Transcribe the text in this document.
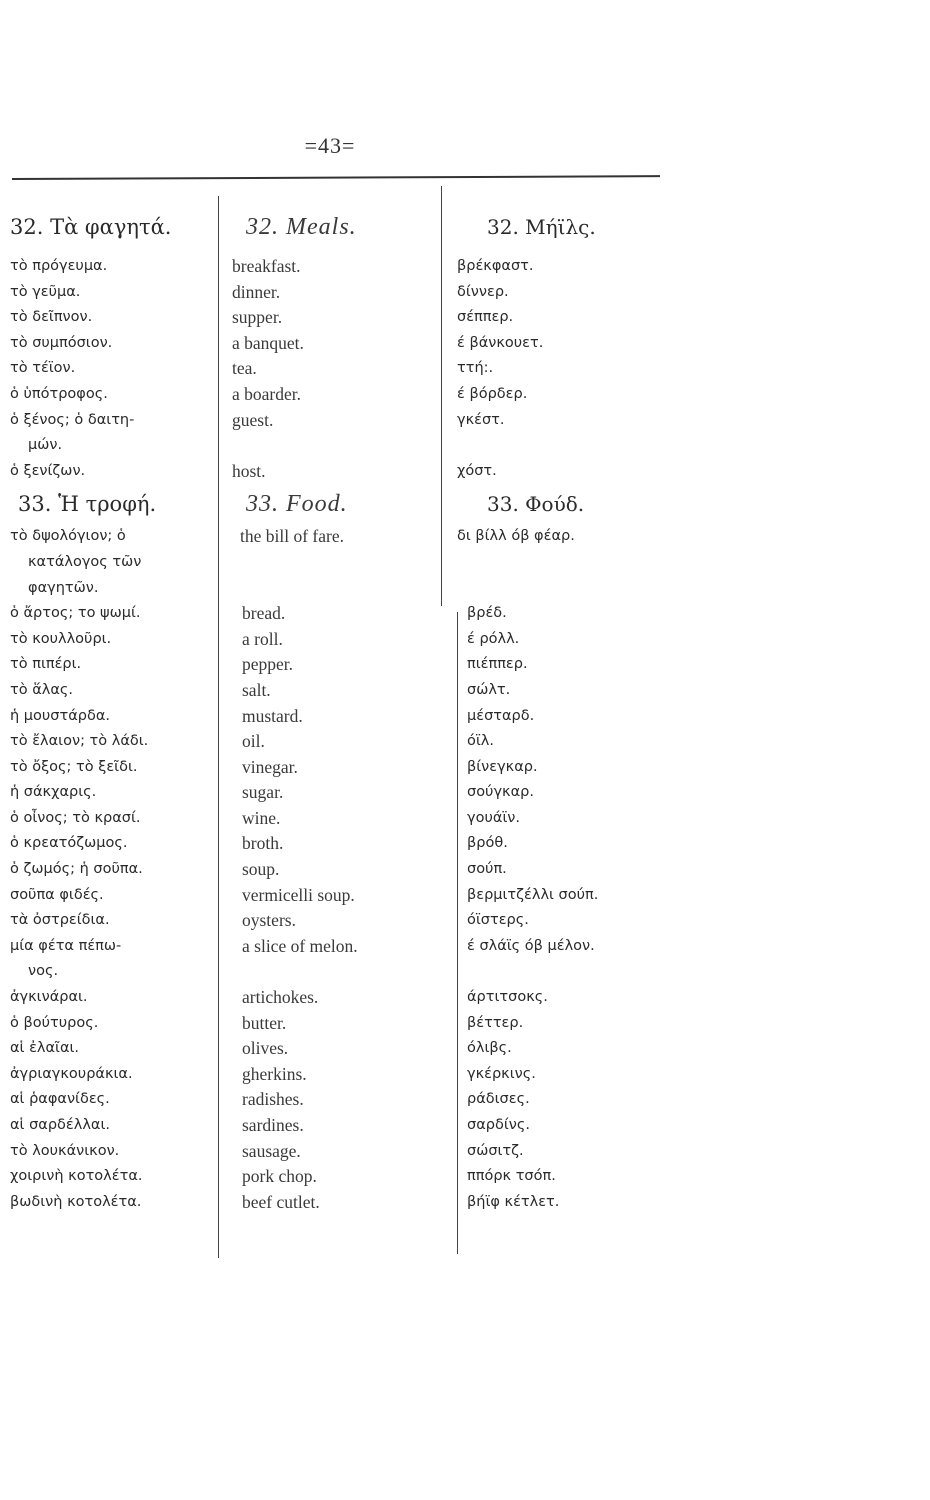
=43=
32. Τὰ φαγητά.
τὸ πρόγευμα.
τὸ γεῦμα.
τὸ δεῖπνον.
τὸ συμπόσιον.
τὸ τέϊον.
ὁ ὑπότροφος.
ὁ ξένος; ὁ δαιτη-
μών.
ὁ ξενίζων.
33. Ἡ τροφή.
τὸ δψολόγιον; ὁ
κατάλογος τῶν
φαγητῶν.
ὁ ἄρτος; το ψωμί.
τὸ κουλλοῦρι.
τὸ πιπέρι.
τὸ ἅλας.
ἡ μουστάρδα.
τὸ ἔλαιον; τὸ λάδι.
τὸ ὄξος; τὸ ξεῖδι.
ἡ σάκχαρις.
ὁ οἶνος; τὸ κρασί.
ὁ κρεατόζωμος.
ὁ ζωμός; ἡ σοῦπα.
σοῦπα φιδές.
τὰ ὀστρείδια.
μία φέτα πέπω-
νος.
ἀγκινάραι.
ὁ βούτυρος.
αἱ ἐλαῖαι.
ἀγριαγκουράκια.
αἱ ῥαφανίδες.
αἱ σαρδέλλαι.
τὸ λουκάνικον.
χοιρινὴ κοτολέτα.
βωδινὴ κοτολέτα.
32. Meals.
breakfast.
dinner.
supper.
a banquet.
tea.
a boarder.
guest.
host.
33. Food.
the bill of fare.
bread.
a roll.
pepper.
salt.
mustard.
oil.
vinegar.
sugar.
wine.
broth.
soup.
vermicelli soup.
oysters.
a slice of melon.
artichokes.
butter.
olives.
gherkins.
radishes.
sardines.
sausage.
pork chop.
beef cutlet.
32. Μήϊλς.
βρέκφαστ.
δίννερ.
σέππερ.
έ βάνκουετ.
ττή:.
έ βόρδερ.
γκέστ.
χόστ.
33. Φούδ.
δι βίλλ όβ φέαρ.
βρέδ.
έ ρόλλ.
πιέππερ.
σώλτ.
μέσταρδ.
όϊλ.
βίνεγκαρ.
σούγκαρ.
γουάϊν.
βρόθ.
σούπ.
βερμιτζέλλι σούπ.
όϊστερς.
έ σλάϊς όβ μέλον.
άρτιτσοκς.
βέττερ.
όλιβς.
γκέρκινς.
ράδισες.
σαρδίνς.
σώσιτζ.
ππόρκ τσόπ.
βήϊφ κέτλετ.
